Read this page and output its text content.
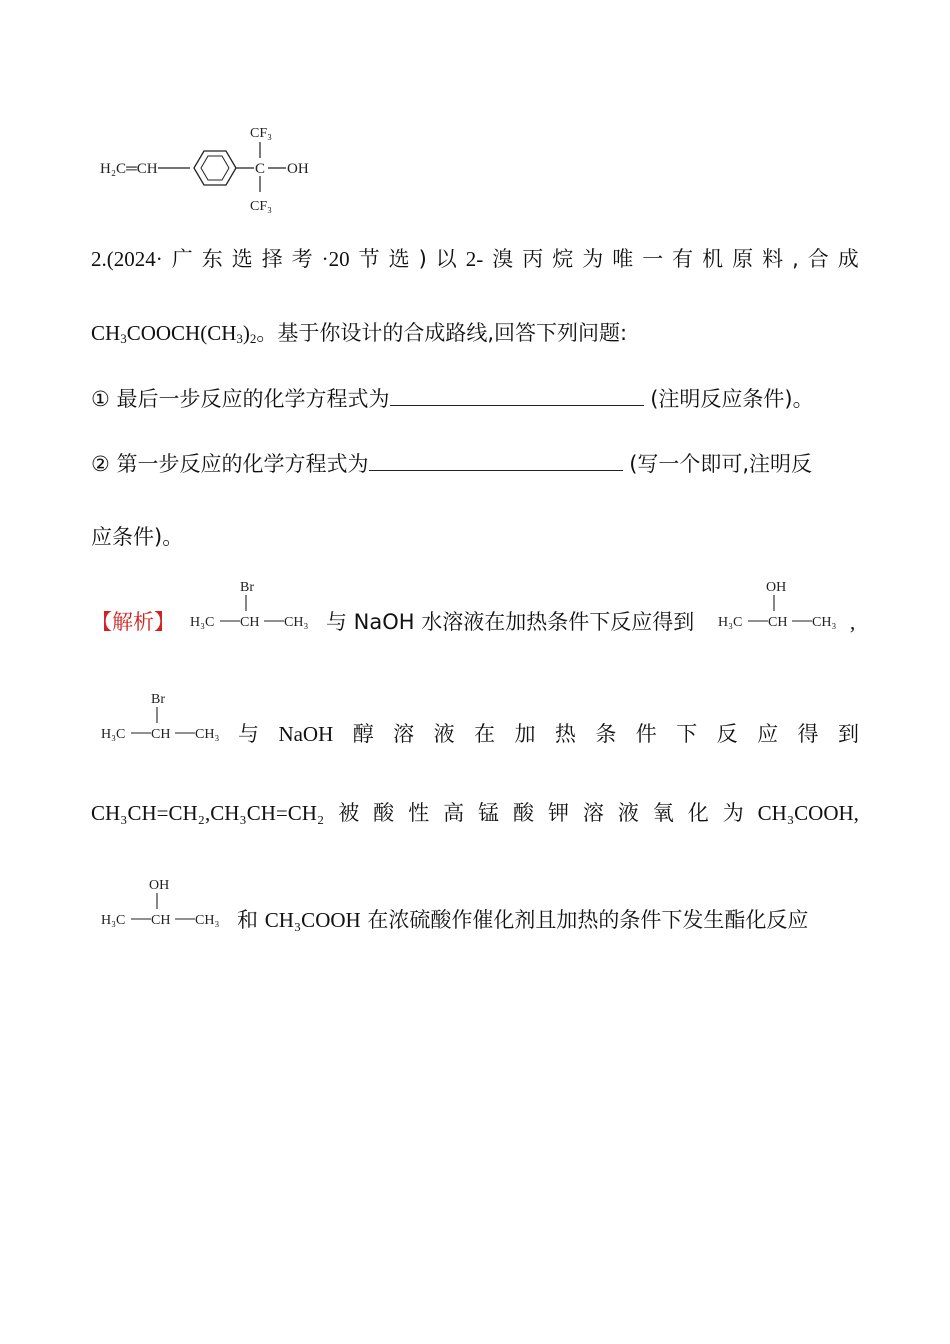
H₂C═CH	C
CF₃
OH
CF₃
2.(2024· 广 东 选 择 考 ·20 节 选 ) 以 2- 溴 丙 烷 为 唯 一 有 机 原 料 , 合 成
$CH_3COOCH(CH_3)_2$。基于你设计的合成路线,回答下列问题:
① 最后一步反应的化学方程式为	(注明反应条件)。
② 第一步反应的化学方程式为	(写一个即可,注明反
应条件)。
【解析】
Br
H₃C CH CH₃ 与 NaOH 水溶液在加热条件下反应得到
OH
H₃C CH CH₃ ,
Br
H₃C CH CH₃ 与 NaOH 醇 溶 液 在 加 热 条 件 下 反 应 得 到
CH₃CH=CH₂,CH₃CH=CH₂ 被 酸 性 高 锰 酸 钾 溶 液 氧 化 为 CH₃COOH,
OH
H₃C CH CH₃ 和 CH₃COOH 在浓硫酸作催化剂且加热的条件下发生酯化反应
